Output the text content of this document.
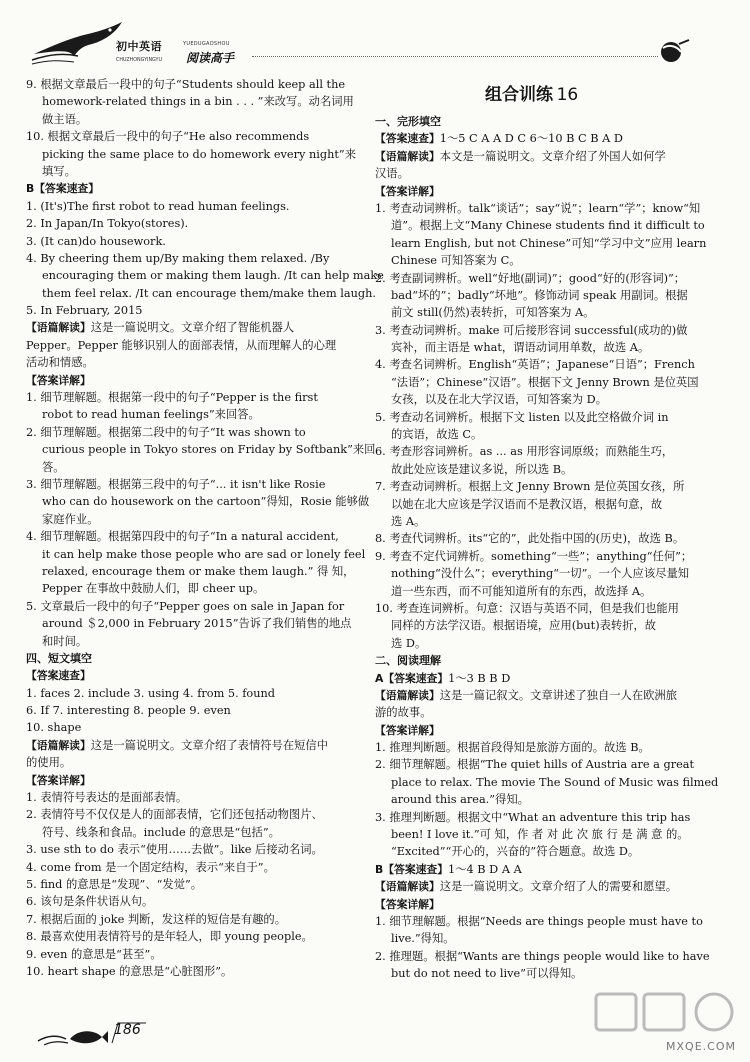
初中英语	YUEDUGAOSHOU
CHUZHONGYINGYU 阅读高手
9. 根据文章最后一段中的句子“Students should keep all the
homework-related things in a bin . . . ”来改写。动名词用
做主语。
10. 根据文章最后一段中的句子“He also recommends
picking the same place to do homework every night”来
填写。
B【答案速查】
1. (It's)The first robot to read human feelings.
2. In Japan/In Tokyo(stores).
3. (It can)do housework.
4. By cheering them up/By making them relaxed. /By
encouraging them or making them laugh. /It can help make
them feel relax. /It can encourage them/make them laugh.
5. In February, 2015
【语篇解读】这是一篇说明文。文章介绍了智能机器人
Pepper。Pepper 能够识别人的面部表情，从而理解人的心理
活动和情感。
【答案详解】
1. 细节理解题。根据第一段中的句子“Pepper is the first
robot to read human feelings”来回答。
2. 细节理解题。根据第二段中的句子“It was shown to
curious people in Tokyo stores on Friday by Softbank”来回
答。
3. 细节理解题。根据第三段中的句子“... it isn't like Rosie
who can do housework on the cartoon”得知，Rosie 能够做
家庭作业。
4. 细节理解题。根据第四段中的句子“In a natural accident,
it can help make those people who are sad or lonely feel
relaxed, encourage them or make them laugh.” 得 知，
Pepper 在事故中鼓励人们，即 cheer up。
5. 文章最后一段中的句子“Pepper goes on sale in Japan for
around ＄2,000 in February 2015”告诉了我们销售的地点
和时间。
四、短文填空
【答案速查】
1. faces 2. include 3. using 4. from 5. found
6. If 7. interesting 8. people 9. even
10. shape
【语篇解读】这是一篇说明文。文章介绍了表情符号在短信中
的使用。
【答案详解】
1. 表情符号表达的是面部表情。
2. 表情符号不仅仅是人的面部表情，它们还包括动物图片、
符号、线条和食品。include 的意思是“包括”。
3. use sth to do 表示“使用……去做”。like 后接动名词。
4. come from 是一个固定结构，表示“来自于”。
5. find 的意思是“发现”、“发觉”。
6. 该句是条件状语从句。
7. 根据后面的 joke 判断，发这样的短信是有趣的。
8. 最喜欢使用表情符号的是年轻人，即 young people。
9. even 的意思是“甚至”。
10. heart shape 的意思是“心脏图形”。
组合训练 16
一、完形填空
【答案速查】1～5 C A A D C 6～10 B C B A D
【语篇解读】本文是一篇说明文。文章介绍了外国人如何学
汉语。
【答案详解】
1. 考查动词辨析。talk“谈话”；say“说”；learn“学”；know“知
道”。根据上文“Many Chinese students find it difficult to
learn English, but not Chinese”可知“学习中文”应用 learn
Chinese 可知答案为 C。
2. 考查副词辨析。well“好地(副词)”；good“好的(形容词)”；
bad“坏的”；badly“坏地”。修饰动词 speak 用副词。根据
前文 still(仍然)表转折，可知答案为 A。
3. 考查动词辨析。make 可后接形容词 successful(成功的)做
宾补，而主语是 what，谓语动词用单数，故选 A。
4. 考查名词辨析。English“英语”；Japanese“日语”；French
“法语”；Chinese“汉语”。根据下文 Jenny Brown 是位英国
女孩，以及在北大学汉语，可知答案为 D。
5. 考查动名词辨析。根据下文 listen 以及此空格做介词 in
的宾语，故选 C。
6. 考查形容词辨析。as ... as 用形容词原级；而熟能生巧，
故此处应该是建议多说，所以选 B。
7. 考查动词辨析。根据上文 Jenny Brown 是位英国女孩，所
以她在北大应该是学汉语而不是教汉语，根据句意，故
选 A。
8. 考查代词辨析。its“它的”，此处指中国的(历史)，故选 B。
9. 考查不定代词辨析。something“一些”；anything“任何”；
nothing“没什么”；everything“一切”。一个人应该尽量知
道一些东西，而不可能知道所有的东西，故选择 A。
10. 考查连词辨析。句意：汉语与英语不同，但是我们也能用
同样的方法学汉语。根据语境，应用(but)表转折，故
选 D。
二、阅读理解
A【答案速查】1～3 B B D
【语篇解读】这是一篇记叙文。文章讲述了独自一人在欧洲旅
游的故事。
【答案详解】
1. 推理判断题。根据首段得知是旅游方面的。故选 B。
2. 细节理解题。根据“The quiet hills of Austria are a great
place to relax. The movie The Sound of Music was filmed
around this area.”得知。
3. 推理判断题。根据文中“What an adventure this trip has
been! I love it.”可 知，作 者 对 此 次 旅 行 是 满 意 的。
“Excited”“开心的，兴奋的”符合题意。故选 D。
B【答案速查】1～4 B D A A
【语篇解读】这是一篇说明文。文章介绍了人的需要和愿望。
【答案详解】
1. 细节理解题。根据“Needs are things people must have to
live.”得知。
2. 推理题。根据“Wants are things people would like to have
but do not need to live”可以得知。
186
MXQE.COM
